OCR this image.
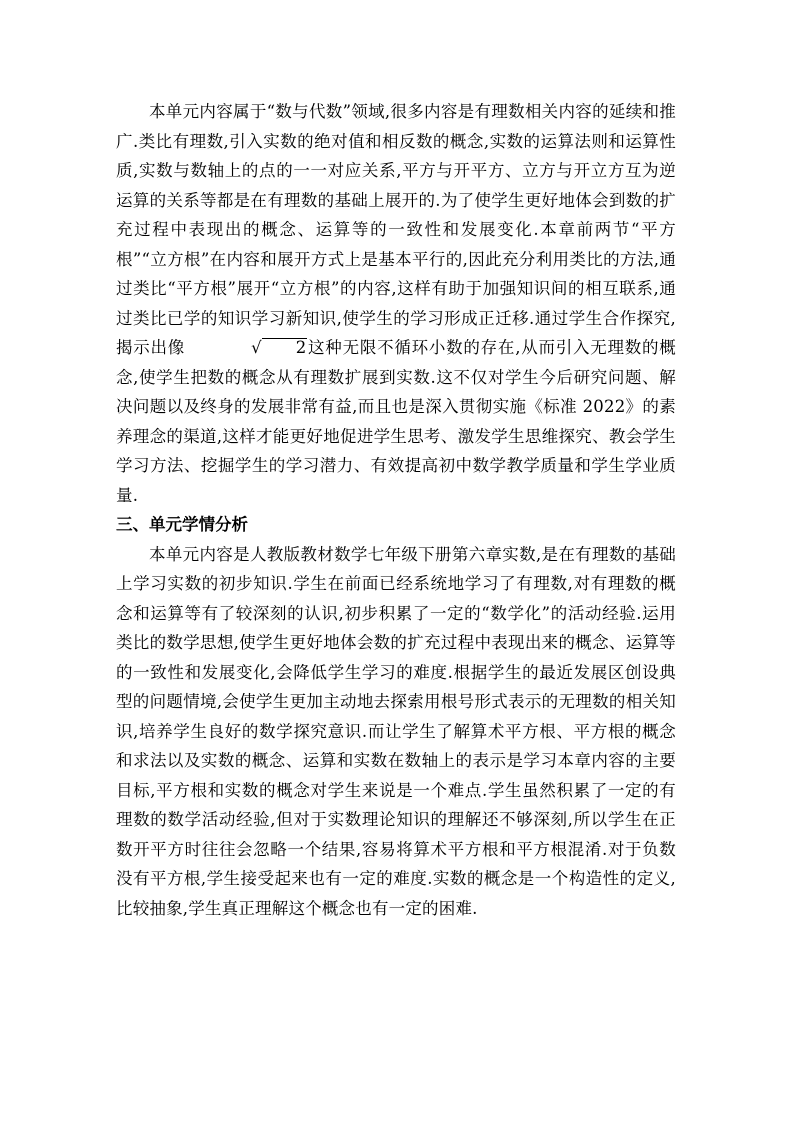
本单元内容属于“数与代数”领域,很多内容是有理数相关内容的延续和推广.类比有理数,引入实数的绝对值和相反数的概念,实数的运算法则和运算性质,实数与数轴上的点的一一对应关系,平方与开平方、立方与开立方互为逆运算的关系等都是在有理数的基础上展开的.为了使学生更好地体会到数的扩充过程中表现出的概念、运算等的一致性和发展变化.本章前两节“平方根”“立方根”在内容和展开方式上是基本平行的,因此充分利用类比的方法,通过类比“平方根”展开“立方根”的内容,这样有助于加强知识间的相互联系,通过类比已学的知识学习新知识,使学生的学习形成正迁移.通过学生合作探究,揭示出像	√ 2这种无限不循环小数的存在,从而引入无理数的概念,使学生把数的概念从有理数扩展到实数.这不仅对学生今后研究问题、解决问题以及终身的发展非常有益,而且也是深入贯彻实施《标准 2022》的素养理念的渠道,这样才能更好地促进学生思考、激发学生思维探究、教会学生学习方法、挖掘学生的学习潜力、有效提高初中数学教学质量和学生学业质量.

三、单元学情分析

本单元内容是人教版教材数学七年级下册第六章实数,是在有理数的基础上学习实数的初步知识.学生在前面已经系统地学习了有理数,对有理数的概念和运算等有了较深刻的认识,初步积累了一定的“数学化”的活动经验.运用类比的数学思想,使学生更好地体会数的扩充过程中表现出来的概念、运算等的一致性和发展变化,会降低学生学习的难度.根据学生的最近发展区创设典型的问题情境,会使学生更加主动地去探索用根号形式表示的无理数的相关知识,培养学生良好的数学探究意识.而让学生了解算术平方根、平方根的概念和求法以及实数的概念、运算和实数在数轴上的表示是学习本章内容的主要目标,平方根和实数的概念对学生来说是一个难点.学生虽然积累了一定的有理数的数学活动经验,但对于实数理论知识的理解还不够深刻,所以学生在正数开平方时往往会忽略一个结果,容易将算术平方根和平方根混淆.对于负数没有平方根,学生接受起来也有一定的难度.实数的概念是一个构造性的定义,比较抽象,学生真正理解这个概念也有一定的困难.
